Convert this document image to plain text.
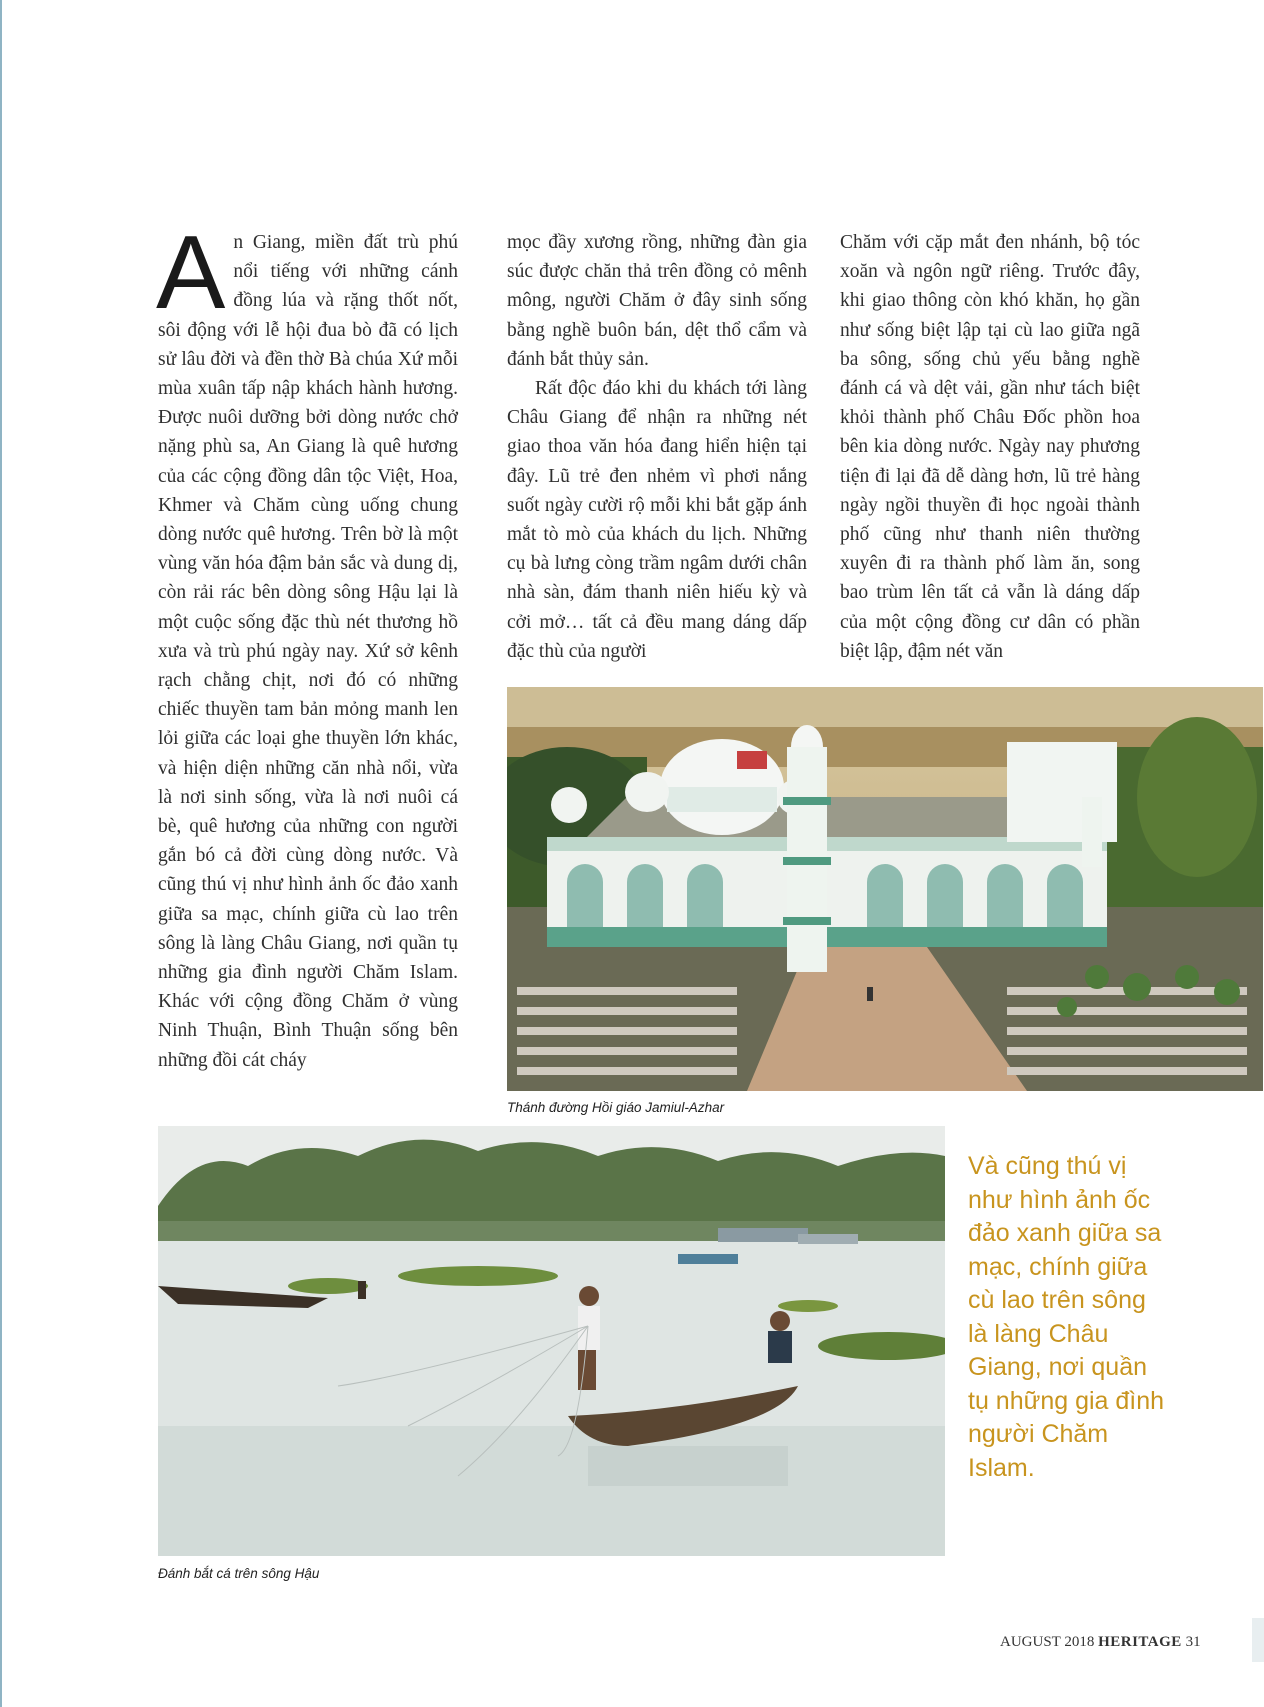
An Giang, miền đất trù phú nổi tiếng với những cánh đồng lúa và rặng thốt nốt, sôi động với lễ hội đua bò đã có lịch sử lâu đời và đền thờ Bà chúa Xứ mỗi mùa xuân tấp nập khách hành hương. Được nuôi dưỡng bởi dòng nước chở nặng phù sa, An Giang là quê hương của các cộng đồng dân tộc Việt, Hoa, Khmer và Chăm cùng uống chung dòng nước quê hương. Trên bờ là một vùng văn hóa đậm bản sắc và dung dị, còn rải rác bên dòng sông Hậu lại là một cuộc sống đặc thù nét thương hồ xưa và trù phú ngày nay. Xứ sở kênh rạch chằng chịt, nơi đó có những chiếc thuyền tam bản mỏng manh len lỏi giữa các loại ghe thuyền lớn khác, và hiện diện những căn nhà nổi, vừa là nơi sinh sống, vừa là nơi nuôi cá bè, quê hương của những con người gắn bó cả đời cùng dòng nước. Và cũng thú vị như hình ảnh ốc đảo xanh giữa sa mạc, chính giữa cù lao trên sông là làng Châu Giang, nơi quần tụ những gia đình người Chăm Islam. Khác với cộng đồng Chăm ở vùng Ninh Thuận, Bình Thuận sống bên những đồi cát cháy

mọc đầy xương rồng, những đàn gia súc được chăn thả trên đồng cỏ mênh mông, người Chăm ở đây sinh sống bằng nghề buôn bán, dệt thổ cẩm và đánh bắt thủy sản.

Rất độc đáo khi du khách tới làng Châu Giang để nhận ra những nét giao thoa văn hóa đang hiển hiện tại đây. Lũ trẻ đen nhẻm vì phơi nắng suốt ngày cười rộ mỗi khi bắt gặp ánh mắt tò mò của khách du lịch. Những cụ bà lưng còng trầm ngâm dưới chân nhà sàn, đám thanh niên hiếu kỳ và cởi mở… tất cả đều mang dáng dấp đặc thù của người

Chăm với cặp mắt đen nhánh, bộ tóc xoăn và ngôn ngữ riêng. Trước đây, khi giao thông còn khó khăn, họ gần như sống biệt lập tại cù lao giữa ngã ba sông, sống chủ yếu bằng nghề đánh cá và dệt vải, gần như tách biệt khỏi thành phố Châu Đốc phồn hoa bên kia dòng nước. Ngày nay phương tiện đi lại đã dễ dàng hơn, lũ trẻ hàng ngày ngồi thuyền đi học ngoài thành phố cũng như thanh niên thường xuyên đi ra thành phố làm ăn, song bao trùm lên tất cả vẫn là dáng dấp của một cộng đồng cư dân có phần biệt lập, đậm nét văn

Thánh đường Hồi giáo Jamiul-Azhar
Đánh bắt cá trên sông Hậu

Và cũng thú vị như hình ảnh ốc đảo xanh giữa sa mạc, chính giữa cù lao trên sông là làng Châu Giang, nơi quần tụ những gia đình người Chăm Islam.

AUGUST 2018 HERITAGE 31
